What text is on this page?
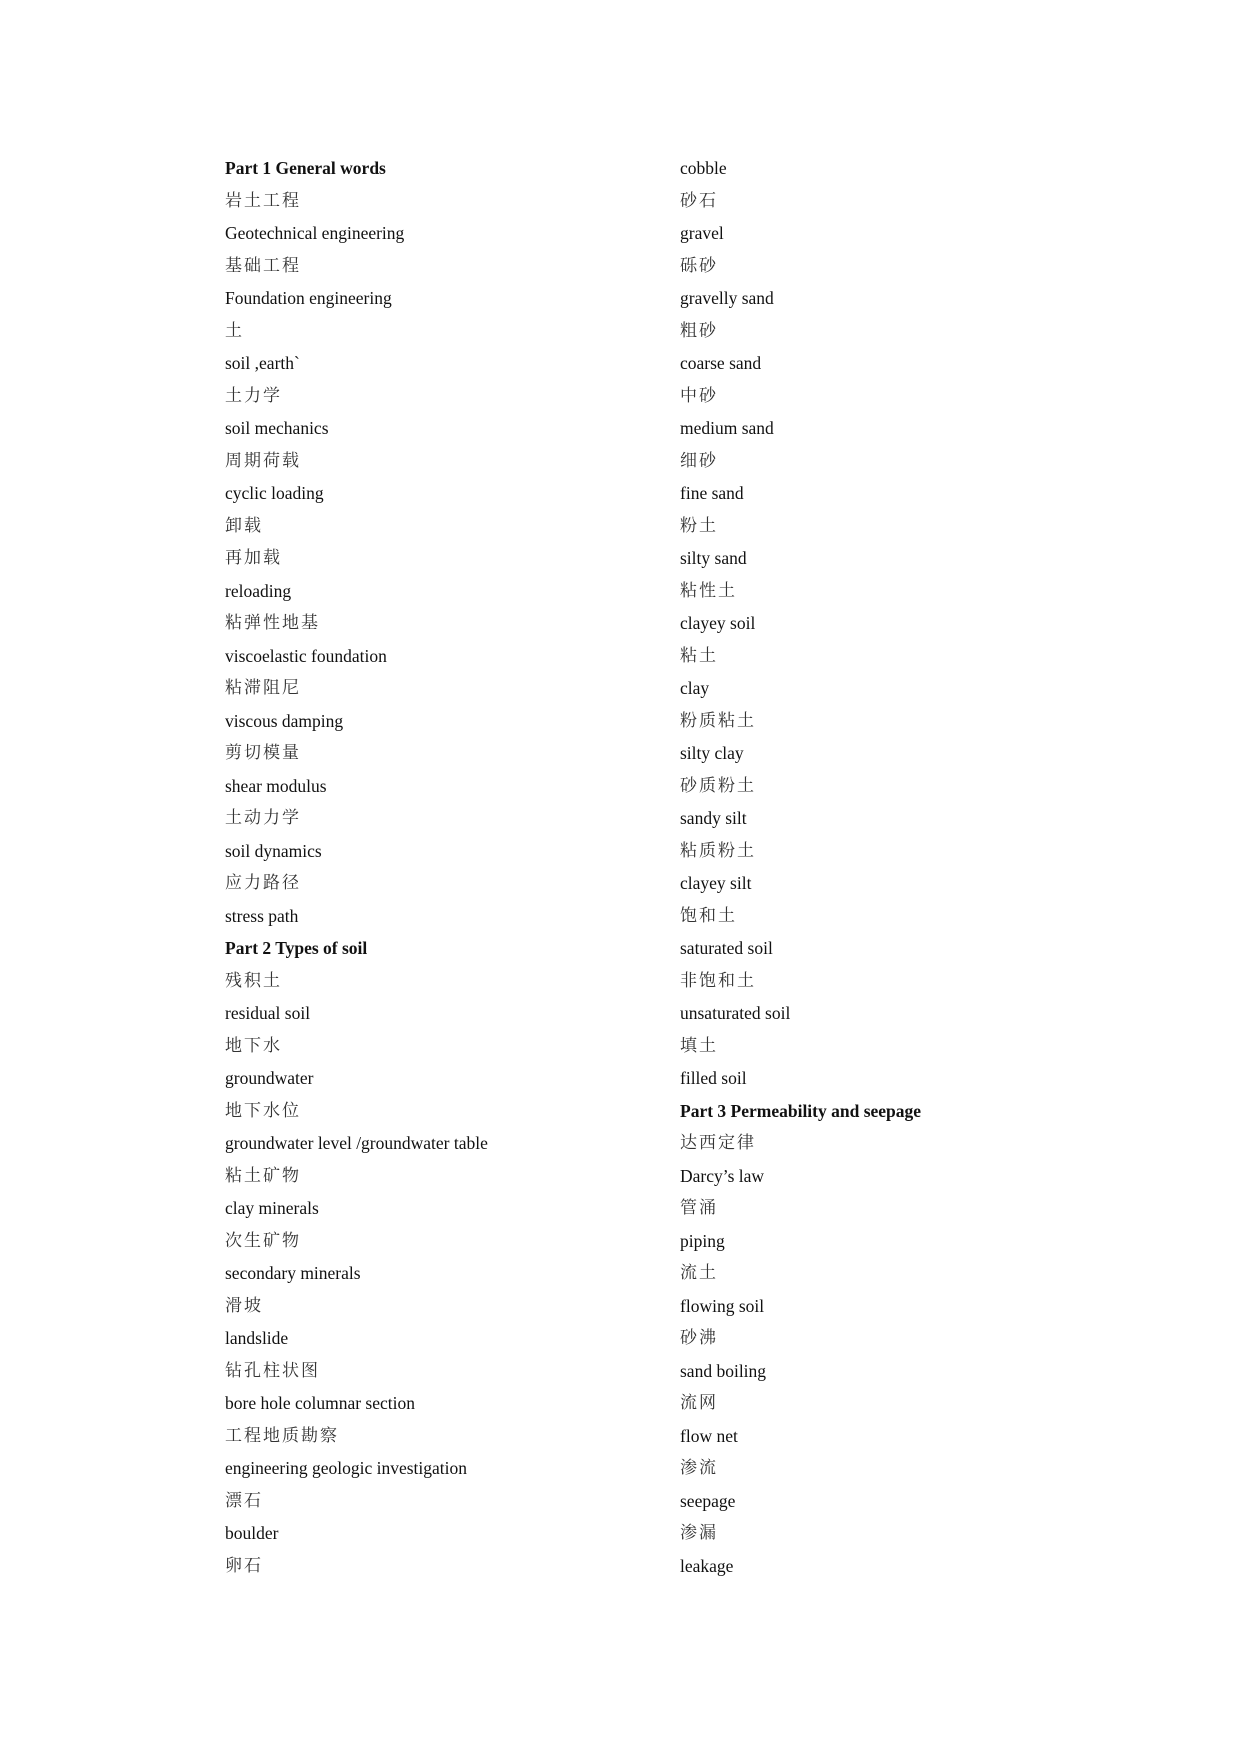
Part 1 General words
岩土工程
Geotechnical engineering
基础工程
Foundation engineering
土
soil ,earth`
土力学
soil mechanics
周期荷载
cyclic loading
卸载
再加载
reloading
粘弹性地基
viscoelastic foundation
粘滞阻尼
viscous damping
剪切模量
shear modulus
土动力学
soil dynamics
应力路径
stress path
Part 2 Types of soil
残积土
residual soil
地下水
groundwater
地下水位
groundwater level /groundwater table
粘土矿物
clay minerals
次生矿物
secondary minerals
滑坡
landslide
钻孔柱状图
bore hole columnar section
工程地质勘察
engineering geologic investigation
漂石
boulder
卵石
cobble
砂石
gravel
砾砂
gravelly sand
粗砂
coarse sand
中砂
medium sand
细砂
fine sand
粉土
silty sand
粘性土
clayey soil
粘土
clay
粉质粘土
silty clay
砂质粉土
sandy silt
粘质粉土
clayey silt
饱和土
saturated soil
非饱和土
unsaturated soil
填土
filled soil
Part 3 Permeability and seepage
达西定律
Darcy’s law
管涌
piping
流土
flowing soil
砂沸
sand boiling
流网
flow net
渗流
seepage
渗漏
leakage
